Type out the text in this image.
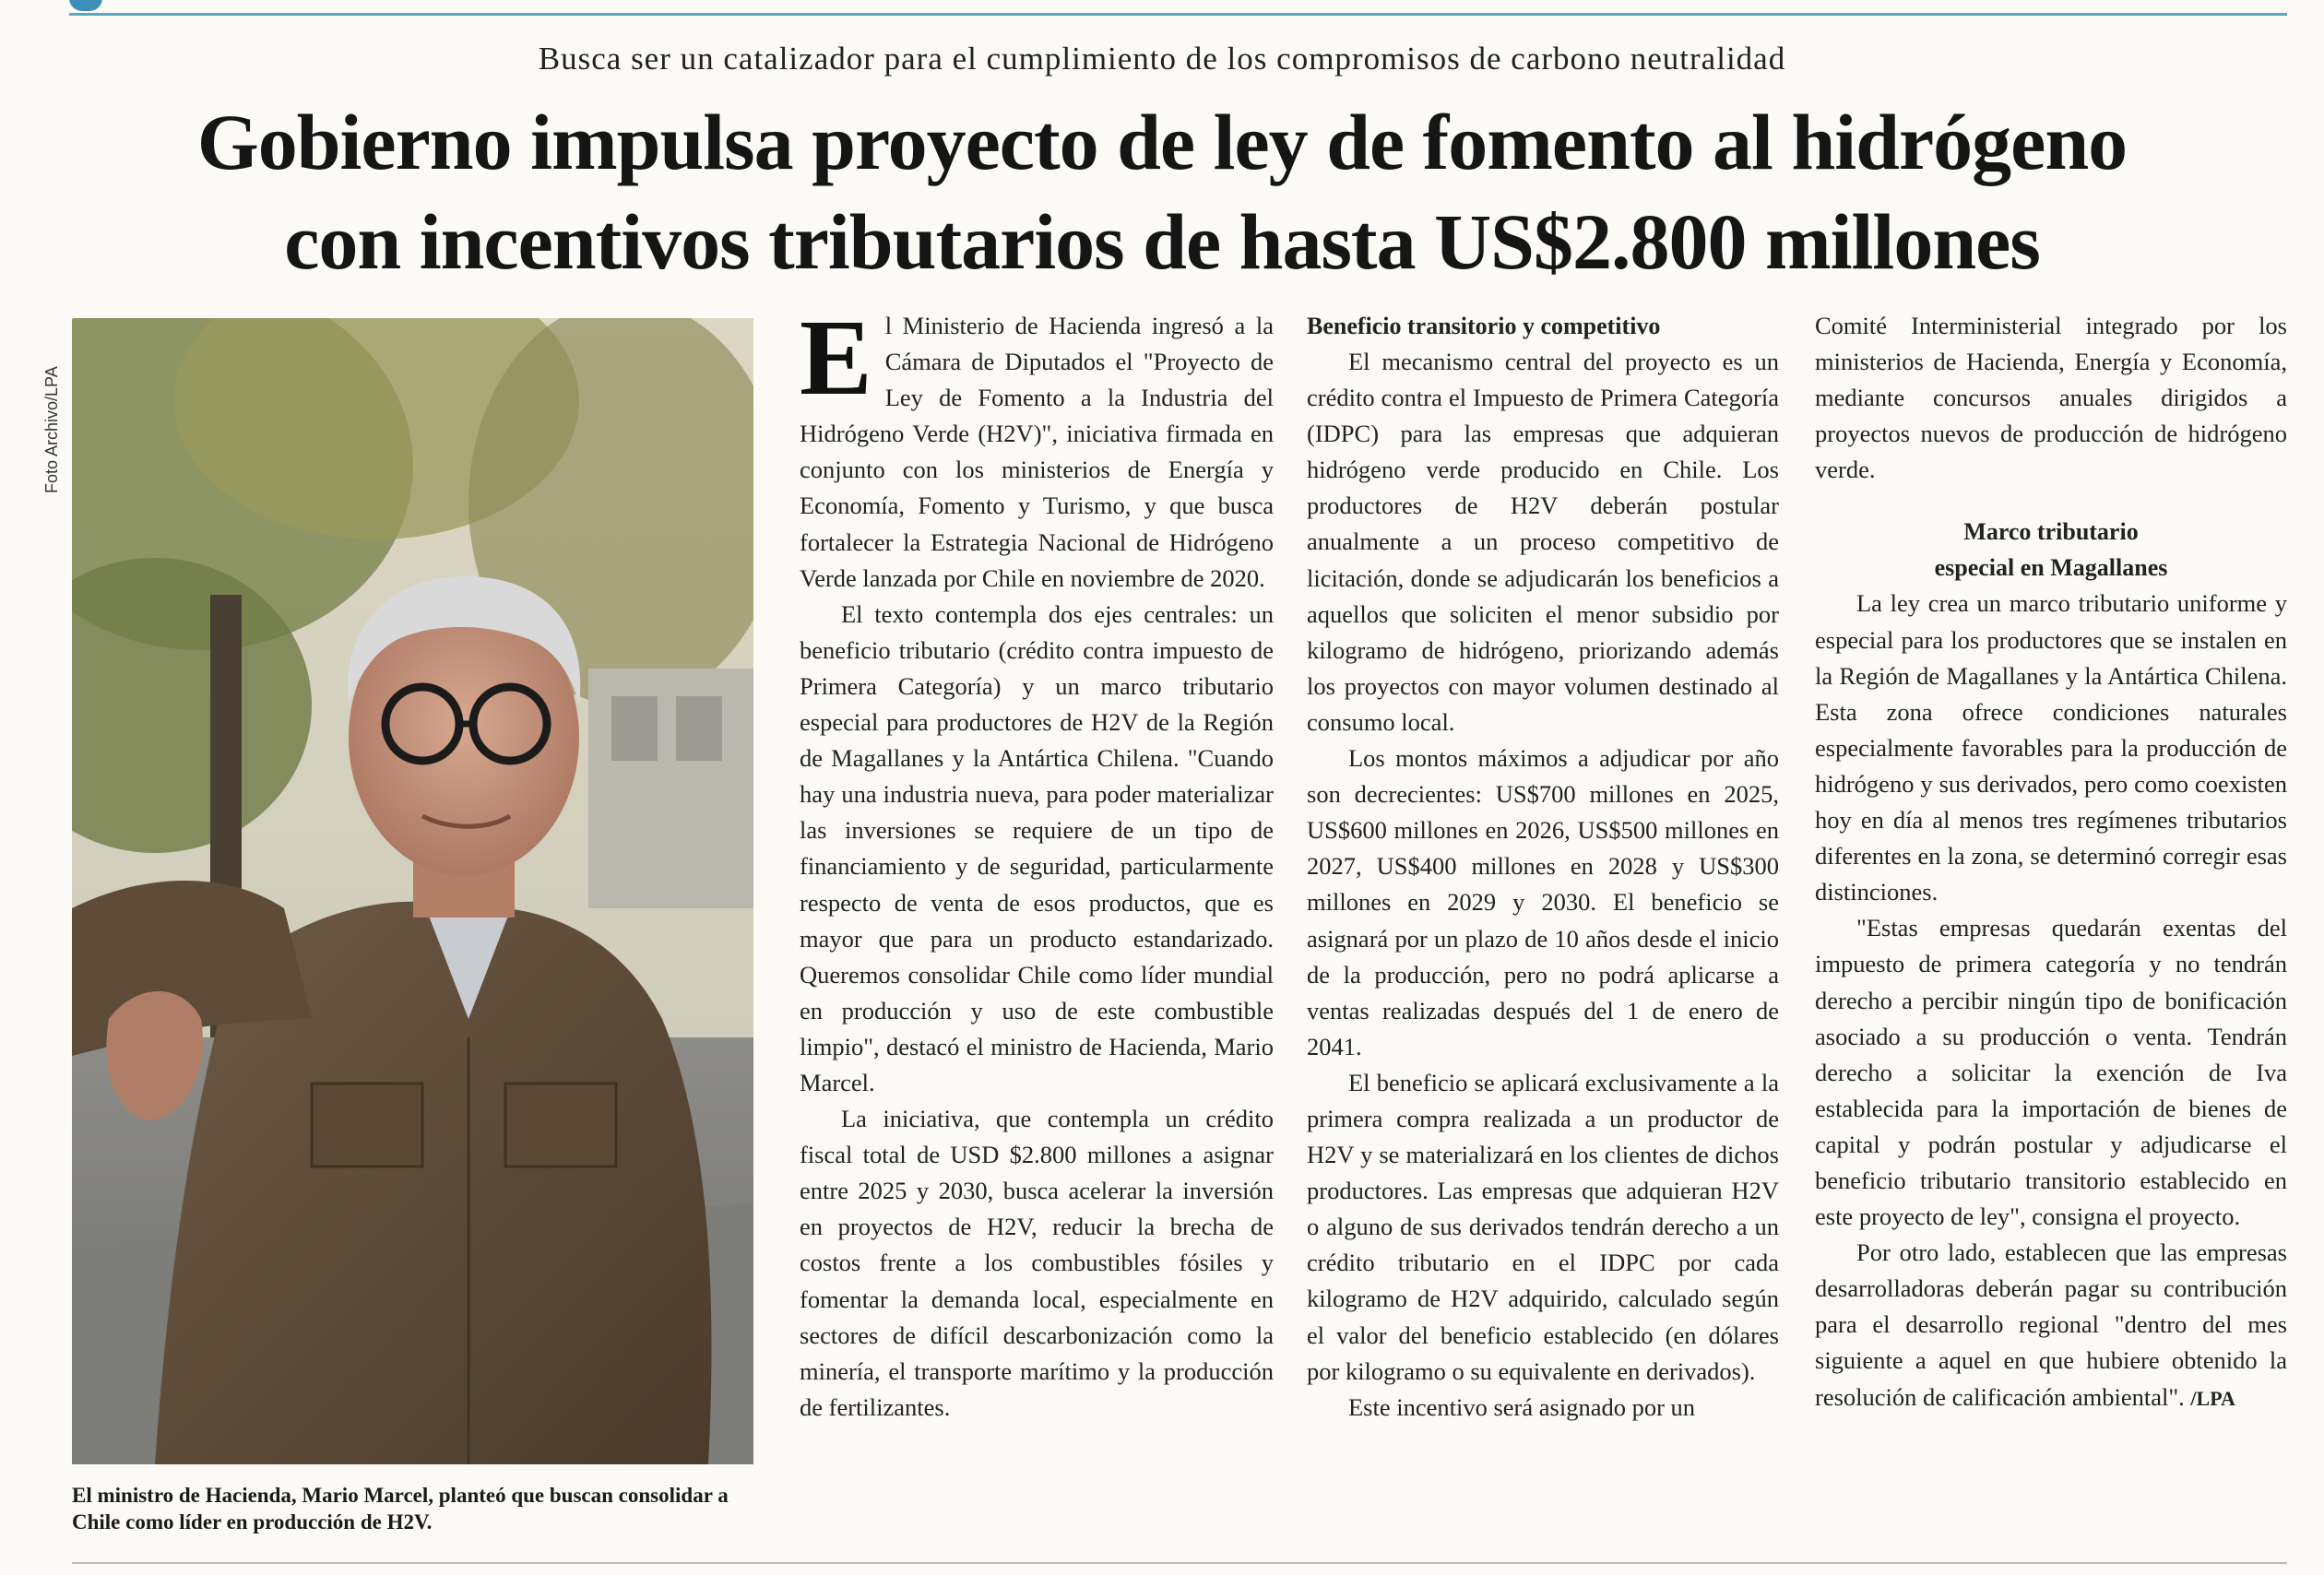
Busca ser un catalizador para el cumplimiento de los compromisos de carbono neutralidad
Gobierno impulsa proyecto de ley de fomento al hidrógeno
con incentivos tributarios de hasta US$2.800 millones
Foto Archivo/LPA
El ministro de Hacienda, Mario Marcel, planteó que buscan consolidar a Chile como líder en producción de H2V.

El Ministerio de Hacienda ingresó a la Cámara de Diputados el "Proyecto de Ley de Fomento a la Industria del Hidrógeno Verde (H2V)", iniciativa firmada en conjunto con los ministerios de Energía y Economía, Fomento y Turismo, y que busca fortalecer la Estrategia Nacional de Hidrógeno Verde lanzada por Chile en noviembre de 2020.

El texto contempla dos ejes centrales: un beneficio tributario (crédito contra impuesto de Primera Categoría) y un marco tributario especial para productores de H2V de la Región de Magallanes y la Antártica Chilena. "Cuando hay una industria nueva, para poder materializar las inversiones se requiere de un tipo de financiamiento y de seguridad, particularmente respecto de venta de esos productos, que es mayor que para un producto estandarizado. Queremos consolidar Chile como líder mundial en producción y uso de este combustible limpio", destacó el ministro de Hacienda, Mario Marcel.

La iniciativa, que contempla un crédito fiscal total de USD $2.800 millones a asignar entre 2025 y 2030, busca acelerar la inversión en proyectos de H2V, reducir la brecha de costos frente a los combustibles fósiles y fomentar la demanda local, especialmente en sectores de difícil descarbonización como la minería, el transporte marítimo y la producción de fertilizantes.

Beneficio transitorio y competitivo

El mecanismo central del proyecto es un crédito contra el Impuesto de Primera Categoría (IDPC) para las empresas que adquieran hidrógeno verde producido en Chile. Los productores de H2V deberán postular anualmente a un proceso competitivo de licitación, donde se adjudicarán los beneficios a aquellos que soliciten el menor subsidio por kilogramo de hidrógeno, priorizando además los proyectos con mayor volumen destinado al consumo local.

Los montos máximos a adjudicar por año son decrecientes: US$700 millones en 2025, US$600 millones en 2026, US$500 millones en 2027, US$400 millones en 2028 y US$300 millones en 2029 y 2030. El beneficio se asignará por un plazo de 10 años desde el inicio de la producción, pero no podrá aplicarse a ventas realizadas después del 1 de enero de 2041.

El beneficio se aplicará exclusivamente a la primera compra realizada a un productor de H2V y se materializará en los clientes de dichos productores. Las empresas que adquieran H2V o alguno de sus derivados tendrán derecho a un crédito tributario en el IDPC por cada kilogramo de H2V adquirido, calculado según el valor del beneficio establecido (en dólares por kilogramo o su equivalente en derivados).

Este incentivo será asignado por un

Comité Interministerial integrado por los ministerios de Hacienda, Energía y Economía, mediante concursos anuales dirigidos a proyectos nuevos de producción de hidrógeno verde.

Marco tributario
especial en Magallanes

La ley crea un marco tributario uniforme y especial para los productores que se instalen en la Región de Magallanes y la Antártica Chilena. Esta zona ofrece condiciones naturales especialmente favorables para la producción de hidrógeno y sus derivados, pero como coexisten hoy en día al menos tres regímenes tributarios diferentes en la zona, se determinó corregir esas distinciones.

"Estas empresas quedarán exentas del impuesto de primera categoría y no tendrán derecho a percibir ningún tipo de bonificación asociado a su producción o venta. Tendrán derecho a solicitar la exención de Iva establecida para la importación de bienes de capital y podrán postular y adjudicarse el beneficio tributario transitorio establecido en este proyecto de ley", consigna el proyecto.

Por otro lado, establecen que las empresas desarrolladoras deberán pagar su contribución para el desarrollo regional "dentro del mes siguiente a aquel en que hubiere obtenido la resolución de calificación ambiental". /LPA
